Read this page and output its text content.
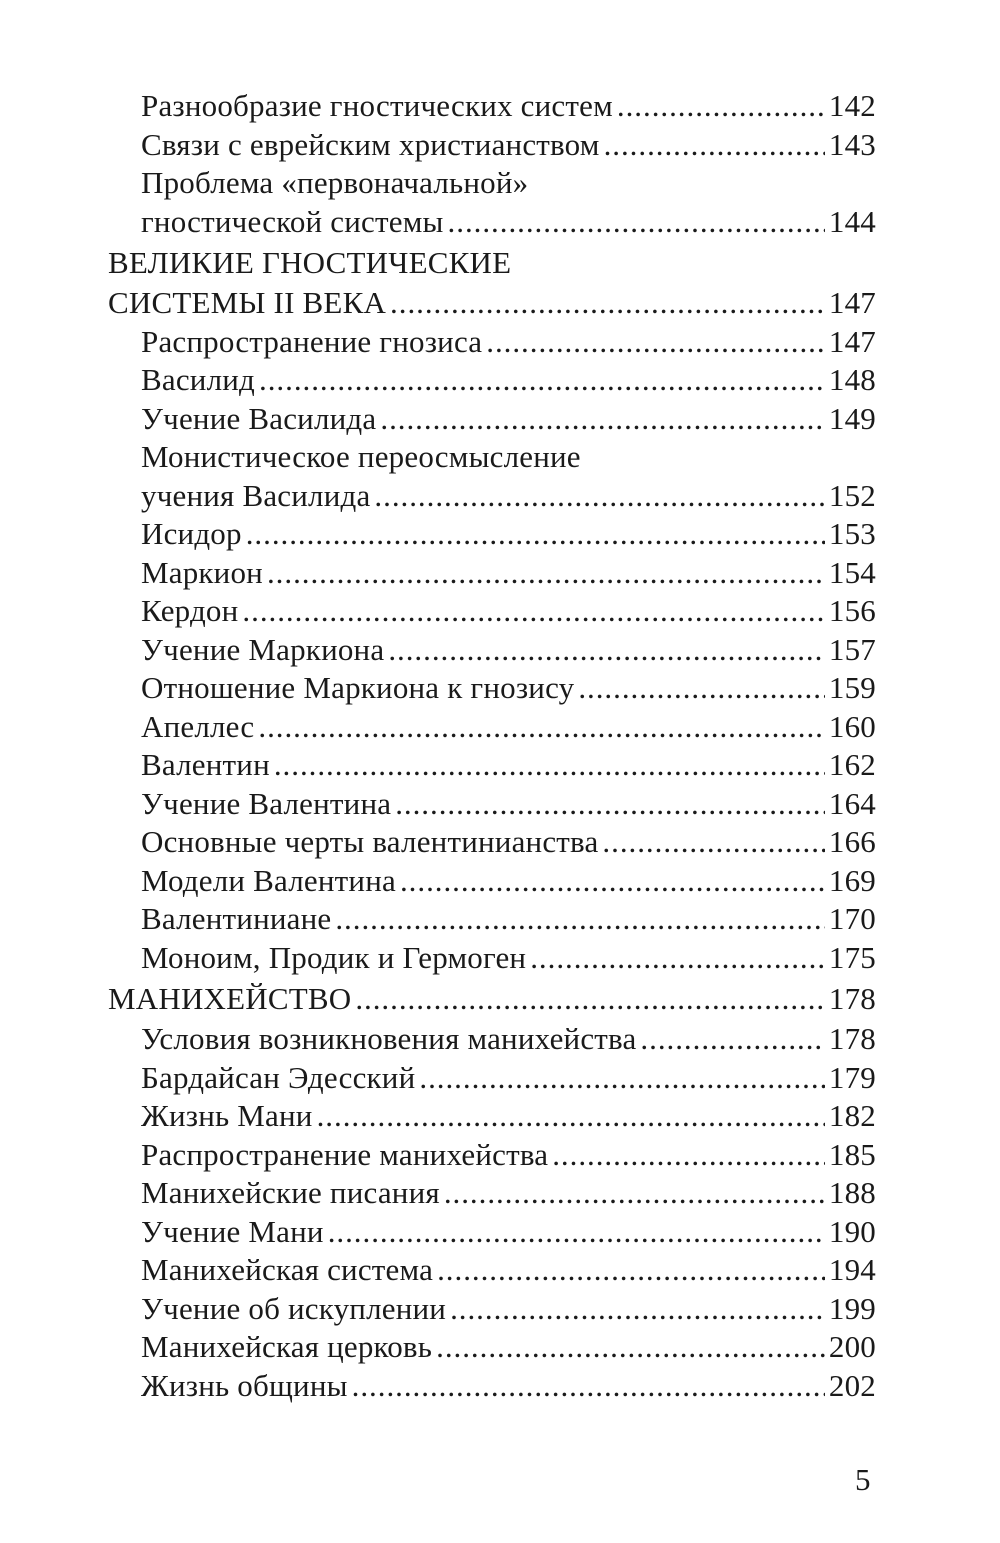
Разнообразие гностических систем . . .	142
Связи с еврейским христианством . . .	143
Проблема «первоначальной»
гностической системы . . .	144
ВЕЛИКИЕ ГНОСТИЧЕСКИЕ
СИСТЕМЫ II ВЕКА . . .	147
Распространение гнозиса . . .	147
Василид . . .	148
Учение Василида . . .	149
Монистическое переосмысление
учения Василида . . .	152
Исидор . . .	153
Маркион . . .	154
Кердон . . .	156
Учение Маркиона . . .	157
Отношение Маркиона к гнозису . . .	159
Апеллес . . .	160
Валентин . . .	162
Учение Валентина . . .	164
Основные черты валентинианства . . .	166
Модели Валентина . . .	169
Валентиниане . . .	170
Моноим, Продик и Гермоген . . .	175
МАНИХЕЙСТВО . . .	178
Условия возникновения манихейства . . .	178
Бардайсан Эдесский . . .	179
Жизнь Мани . . .	182
Распространение манихейства . . .	185
Манихейские писания . . .	188
Учение Мани . . .	190
Манихейская система . . .	194
Учение об искуплении . . .	199
Манихейская церковь . . .	200
Жизнь общины . . .	202
5
